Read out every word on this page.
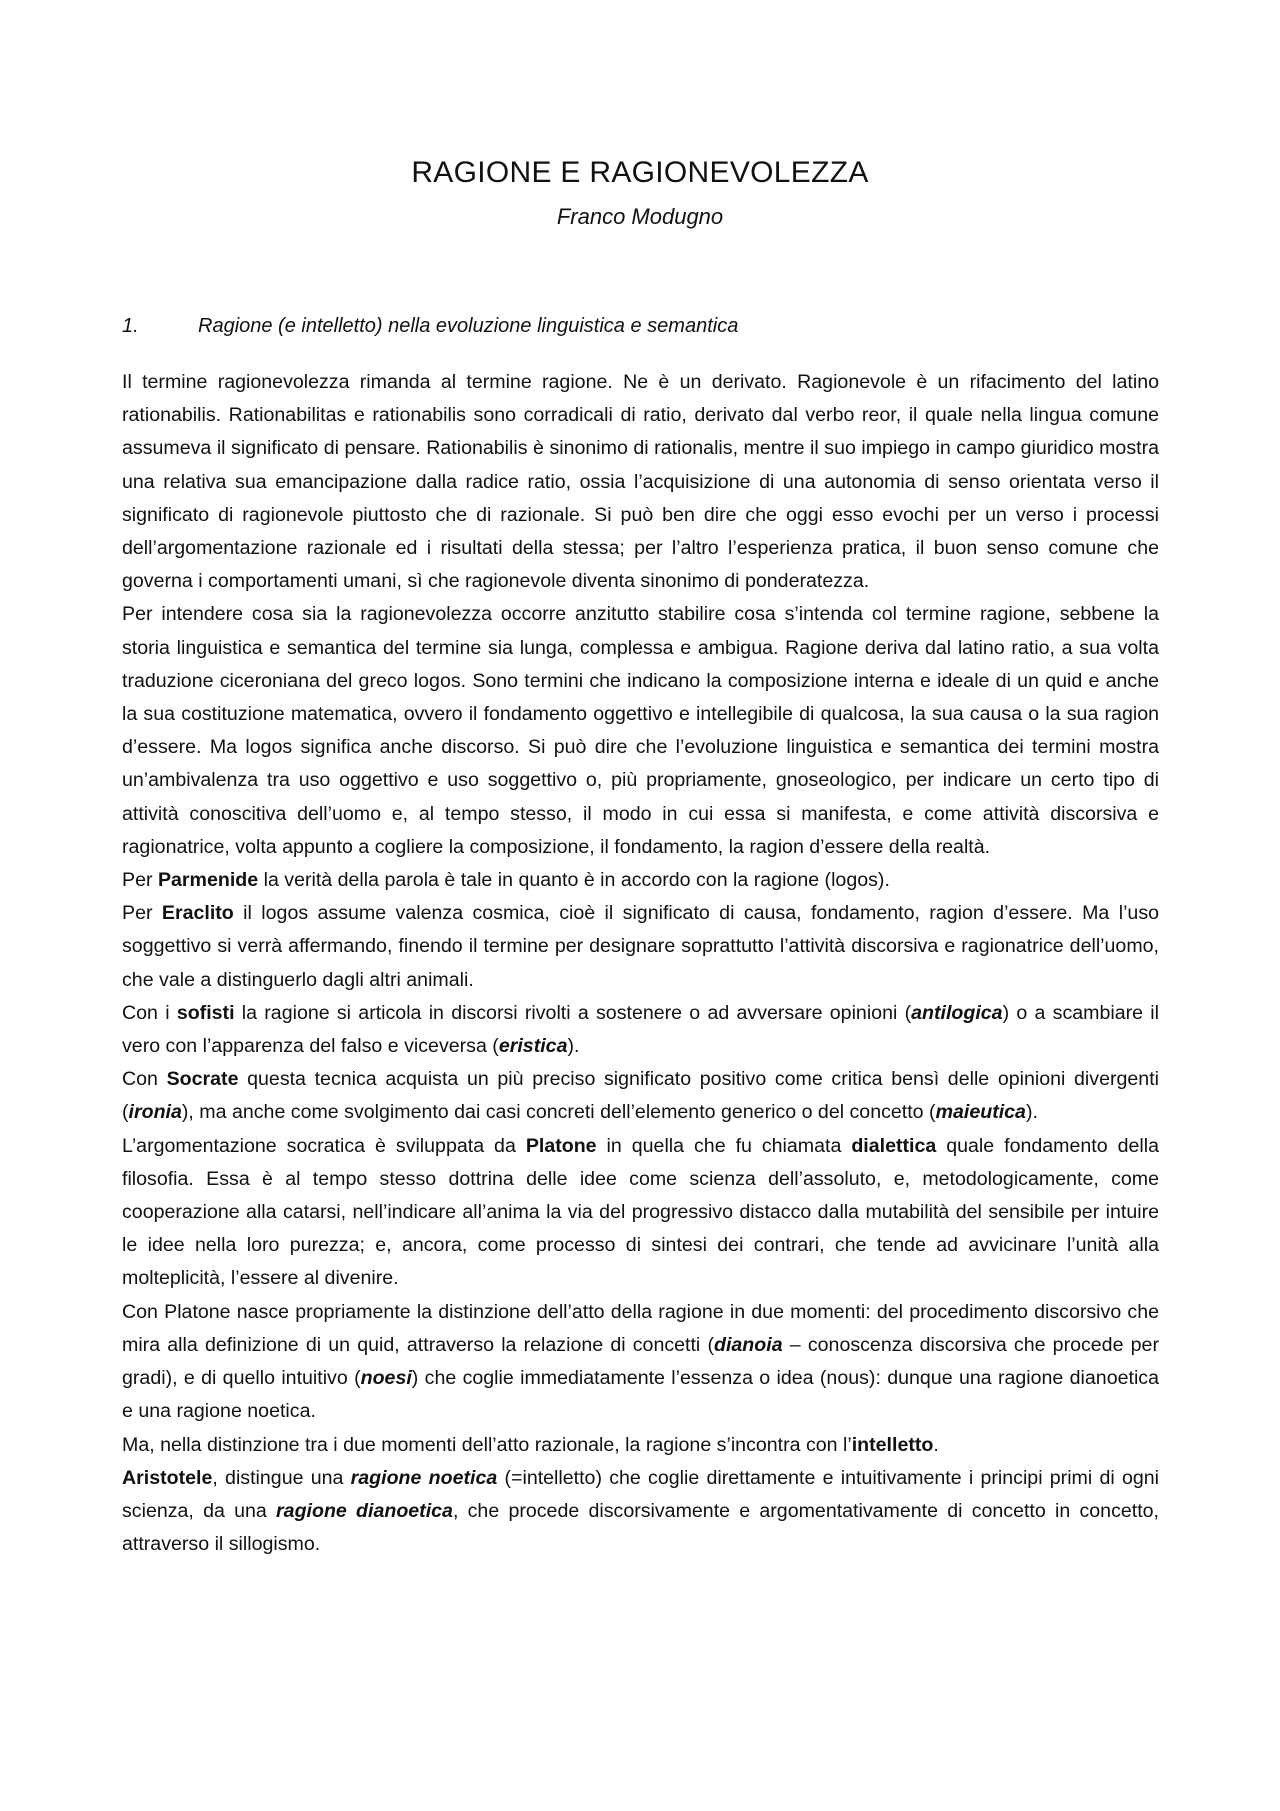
RAGIONE E RAGIONEVOLEZZA
Franco Modugno
1.	Ragione (e intelletto) nella evoluzione linguistica e semantica

Il termine ragionevolezza rimanda al termine ragione. Ne è un derivato. Ragionevole è un rifacimento del latino rationabilis. Rationabilitas e rationabilis sono corradicali di ratio, derivato dal verbo reor, il quale nella lingua comune assumeva il significato di pensare. Rationabilis è sinonimo di rationalis, mentre il suo impiego in campo giuridico mostra una relativa sua emancipazione dalla radice ratio, ossia l’acquisizione di una autonomia di senso orientata verso il significato di ragionevole piuttosto che di razionale. Si può ben dire che oggi esso evochi per un verso i processi dell’argomentazione razionale ed i risultati della stessa; per l’altro l’esperienza pratica, il buon senso comune che governa i comportamenti umani, sì che ragionevole diventa sinonimo di ponderatezza.

Per intendere cosa sia la ragionevolezza occorre anzitutto stabilire cosa s’intenda col termine ragione, sebbene la storia linguistica e semantica del termine sia lunga, complessa e ambigua. Ragione deriva dal latino ratio, a sua volta traduzione ciceroniana del greco logos. Sono termini che indicano la composizione interna e ideale di un quid e anche la sua costituzione matematica, ovvero il fondamento oggettivo e intellegibile di qualcosa, la sua causa o la sua ragion d’essere. Ma logos significa anche discorso. Si può dire che l’evoluzione linguistica e semantica dei termini mostra un’ambivalenza tra uso oggettivo e uso soggettivo o, più propriamente, gnoseologico, per indicare un certo tipo di attività conoscitiva dell’uomo e, al tempo stesso, il modo in cui essa si manifesta, e come attività discorsiva e ragionatrice, volta appunto a cogliere la composizione, il fondamento, la ragion d’essere della realtà.

Per Parmenide la verità della parola è tale in quanto è in accordo con la ragione (logos).

Per Eraclito il logos assume valenza cosmica, cioè il significato di causa, fondamento, ragion d’essere. Ma l’uso soggettivo si verrà affermando, finendo il termine per designare soprattutto l’attività discorsiva e ragionatrice dell’uomo, che vale a distinguerlo dagli altri animali.

Con i sofisti la ragione si articola in discorsi rivolti a sostenere o ad avversare opinioni (antilogica) o a scambiare il vero con l’apparenza del falso e viceversa (eristica).

Con Socrate questa tecnica acquista un più preciso significato positivo come critica bensì delle opinioni divergenti (ironia), ma anche come svolgimento dai casi concreti dell’elemento generico o del concetto (maieutica).

L’argomentazione socratica è sviluppata da Platone in quella che fu chiamata dialettica quale fondamento della filosofia. Essa è al tempo stesso dottrina delle idee come scienza dell’assoluto, e, metodologicamente, come cooperazione alla catarsi, nell’indicare all’anima la via del progressivo distacco dalla mutabilità del sensibile per intuire le idee nella loro purezza; e, ancora, come processo di sintesi dei contrari, che tende ad avvicinare l’unità alla molteplicità, l’essere al divenire.

Con Platone nasce propriamente la distinzione dell’atto della ragione in due momenti: del procedimento discorsivo che mira alla definizione di un quid, attraverso la relazione di concetti (dianoia – conoscenza discorsiva che procede per gradi), e di quello intuitivo (noesi) che coglie immediatamente l’essenza o idea (nous): dunque una ragione dianoetica e una ragione noetica.

Ma, nella distinzione tra i due momenti dell’atto razionale, la ragione s’incontra con l’intelletto.

Aristotele, distingue una ragione noetica (=intelletto) che coglie direttamente e intuitivamente i principi primi di ogni scienza, da una ragione dianoetica, che procede discorsivamente e argomentativamente di concetto in concetto, attraverso il sillogismo.
